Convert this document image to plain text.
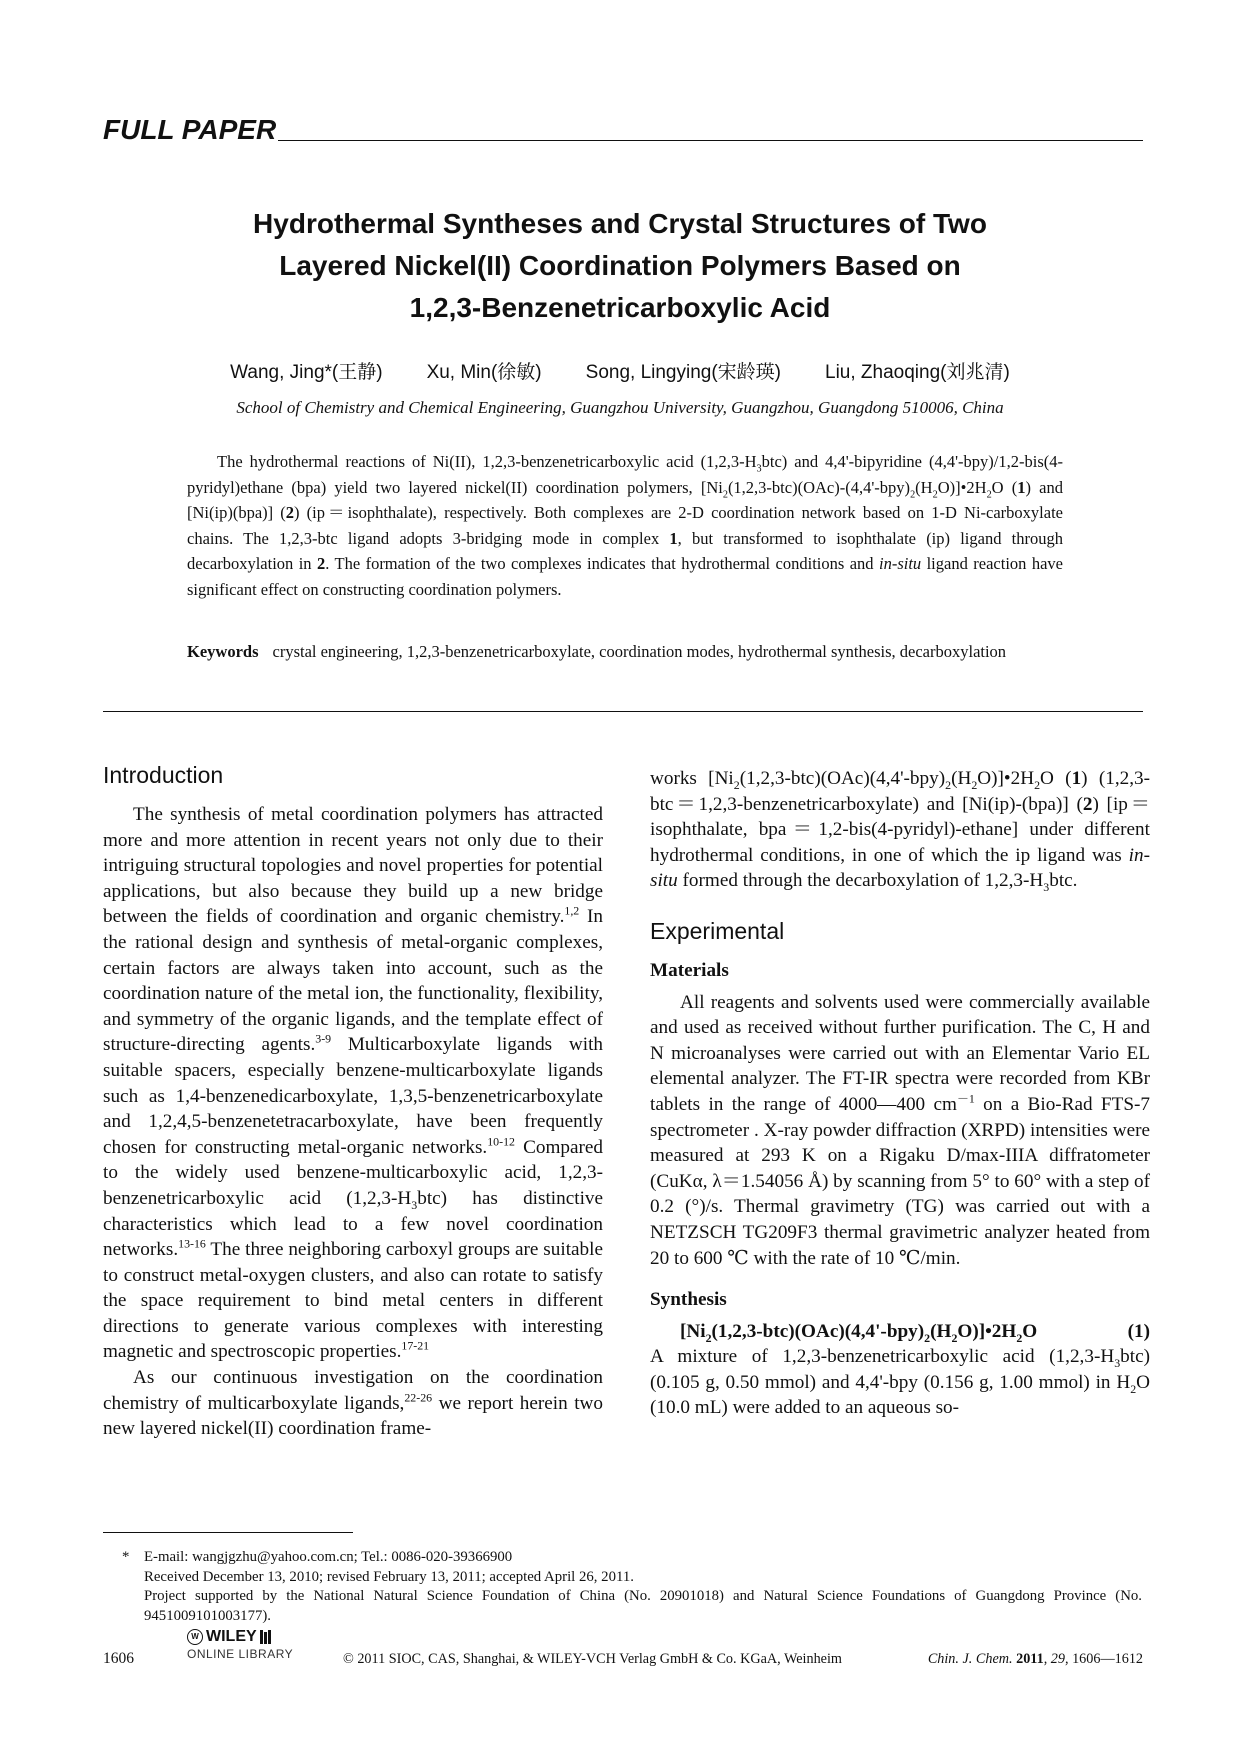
FULL PAPER
Hydrothermal Syntheses and Crystal Structures of Two
Layered Nickel(II) Coordination Polymers Based on
1,2,3-Benzenetricarboxylic Acid
Wang, Jing*(王静) Xu, Min(徐敏) Song, Lingying(宋龄瑛) Liu, Zhaoqing(刘兆清)
School of Chemistry and Chemical Engineering, Guangzhou University, Guangzhou, Guangdong 510006, China
The hydrothermal reactions of Ni(II), 1,2,3-benzenetricarboxylic acid $(1,2,3-H_3btc)$ and 4,4'-bipyridine (4,4'-bpy)/1,2-bis(4-pyridyl)ethane (bpa) yield two layered nickel(II) coordination polymers, $[Ni_2(1,2,3-btc)(OAc)-(4,4'-bpy)_2(H_2O)]•2H_2O$ (1) and [Ni(ip)(bpa)] (2) (ip＝isophthalate), respectively. Both complexes are 2-D coordination network based on 1-D Ni-carboxylate chains. The 1,2,3-btc ligand adopts 3-bridging mode in complex 1, but transformed to isophthalate (ip) ligand through decarboxylation in 2. The formation of the two complexes indicates that hydrothermal conditions and in-situ ligand reaction have significant effect on constructing coordination polymers.
Keywords crystal engineering, 1,2,3-benzenetricarboxylate, coordination modes, hydrothermal synthesis, decarboxylation
Introduction

The synthesis of metal coordination polymers has attracted more and more attention in recent years not only due to their intriguing structural topologies and novel properties for potential applications, but also because they build up a new bridge between the fields of coordination and organic chemistry.$^{1,2}$ In the rational design and synthesis of metal-organic complexes, certain factors are always taken into account, such as the coordination nature of the metal ion, the functionality, flexibility, and symmetry of the organic ligands, and the template effect of structure-directing agents.$^{3-9}$ Multicarboxylate ligands with suitable spacers, especially benzene-multicarboxylate ligands such as 1,4-benzenedicarboxylate, 1,3,5-benzenetricarboxylate and 1,2,4,5-benzenetetracarboxylate, have been frequently chosen for constructing metal-organic networks.$^{10-12}$ Compared to the widely used benzene-multicarboxylic acid, 1,2,3-benzenetricarboxylic acid $(1,2,3-H_3btc)$ has distinctive characteristics which lead to a few novel coordination networks.$^{13-16}$ The three neighboring carboxyl groups are suitable to construct metal-oxygen clusters, and also can rotate to satisfy the space requirement to bind metal centers in different directions to generate various complexes with interesting magnetic and spectroscopic properties.$^{17-21}$

As our continuous investigation on the coordination chemistry of multicarboxylate ligands,$^{22-26}$ we report herein two new layered nickel(II) coordination frame-

works $[Ni_2(1,2,3-btc)(OAc)(4,4'-bpy)_2(H_2O)]•2H_2O$ (1) (1,2,3-btc＝1,2,3-benzenetricarboxylate) and [Ni(ip)-(bpa)] (2) [ip＝isophthalate, bpa＝1,2-bis(4-pyridyl)-ethane] under different hydrothermal conditions, in one of which the ip ligand was in-situ formed through the decarboxylation of $1,2,3-H_3btc$.

Experimental
Materials

All reagents and solvents used were commercially available and used as received without further purification. The C, H and N microanalyses were carried out with an Elementar Vario EL elemental analyzer. The FT-IR spectra were recorded from KBr tablets in the range of 4000—400 $cm^{-1}$ on a Bio-Rad FTS-7 spectrometer . X-ray powder diffraction (XRPD) intensities were measured at 293 K on a Rigaku D/max-IIIA diffratometer (CuKα, λ＝1.54056 Å) by scanning from 5° to 60° with a step of 0.2 (°)/s. Thermal gravimetry (TG) was carried out with a NETZSCH TG209F3 thermal gravimetric analyzer heated from 20 to 600 ℃ with the rate of 10 ℃/min.

Synthesis

$[Ni_2(1,2,3-btc)(OAc)(4,4'-bpy)_2(H_2O)]•2H_2O$	(1)

A mixture of 1,2,3-benzenetricarboxylic acid $(1,2,3-H_3btc)$ (0.105 g, 0.50 mmol) and 4,4'-bpy (0.156 g, 1.00 mmol) in $H_2O$ (10.0 mL) were added to an aqueous so-

* E-mail: wangjgzhu@yahoo.com.cn; Tel.: 0086-020-39366900
Received December 13, 2010; revised February 13, 2011; accepted April 26, 2011.
Project supported by the National Natural Science Foundation of China (No. 20901018) and Natural Science Foundations of Guangdong Province (No. 9451009101003177).
1606
W WILEY
ONLINE LIBRARY	© 2011 SIOC, CAS, Shanghai, & WILEY-VCH Verlag GmbH & Co. KGaA, Weinheim	Chin. J. Chem. 2011, 29, 1606—1612
